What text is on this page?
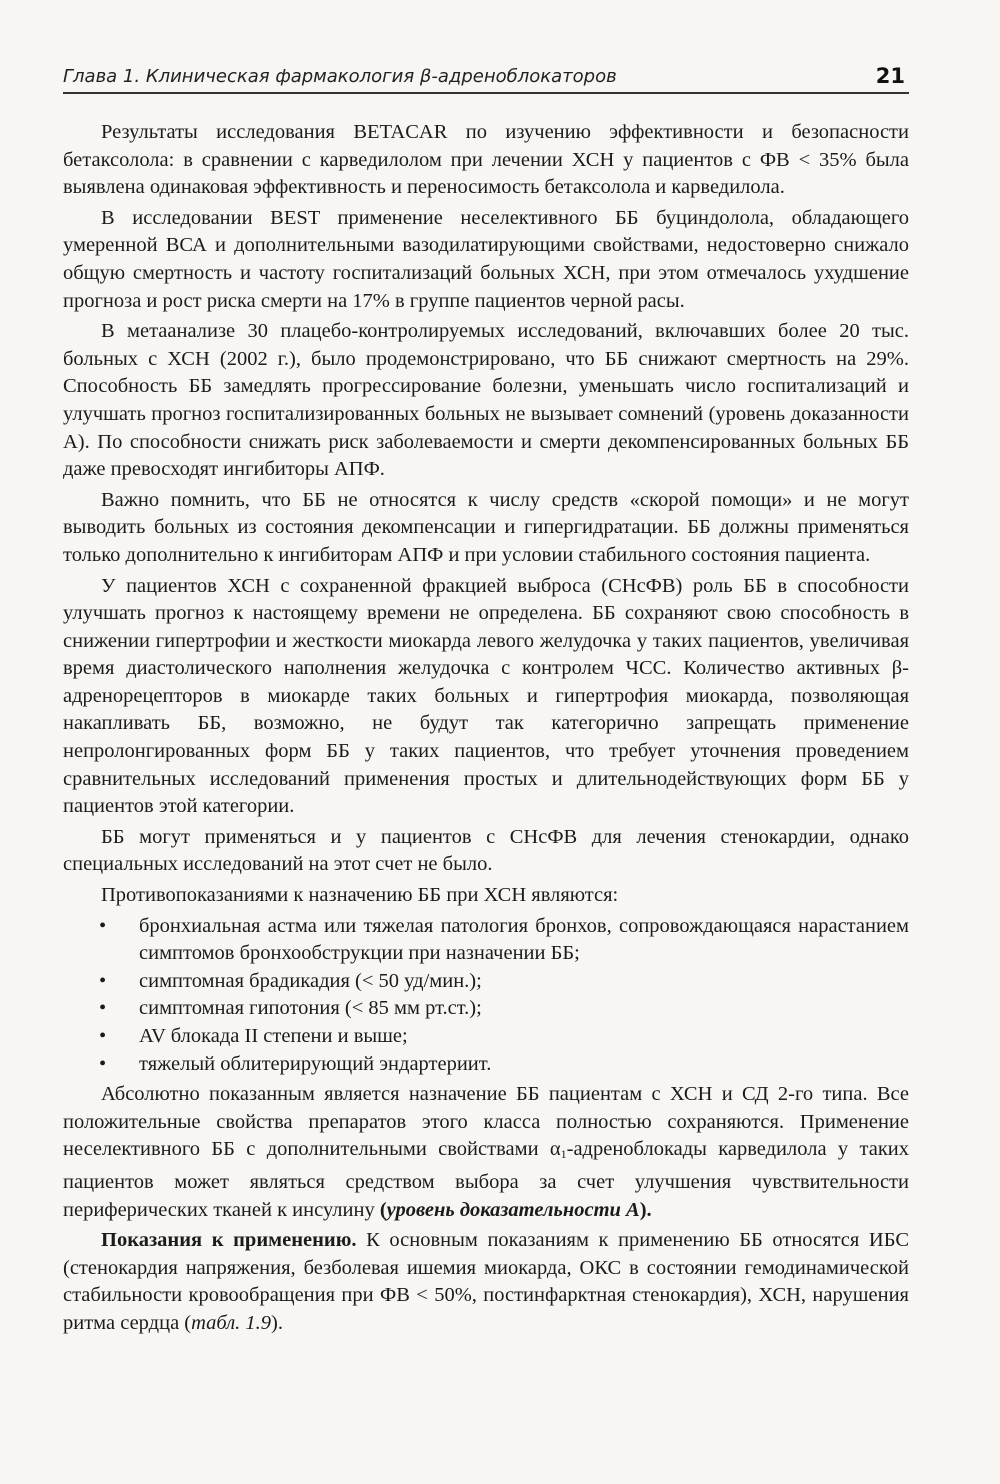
Глава 1. Клиническая фармакология β-адреноблокаторов	21

Результаты исследования BETACAR по изучению эффективности и безопасности бетаксолола: в сравнении с карведилолом при лечении ХСН у пациентов с ФВ < 35% была выявлена одинаковая эффективность и переносимость бетаксолола и карведилола.

В исследовании BEST применение неселективного ББ буциндолола, обладающего умеренной ВСА и дополнительными вазодилатирующими свойствами, недостоверно снижало общую смертность и частоту госпитализаций больных ХСН, при этом отмечалось ухудшение прогноза и рост риска смерти на 17% в группе пациентов черной расы.

В метаанализе 30 плацебо-контролируемых исследований, включавших более 20 тыс. больных с ХСН (2002 г.), было продемонстрировано, что ББ снижают смертность на 29%. Способность ББ замедлять прогрессирование болезни, уменьшать число госпитализаций и улучшать прогноз госпитализированных больных не вызывает сомнений (уровень доказанности А). По способности снижать риск заболеваемости и смерти декомпенсированных больных ББ даже превосходят ингибиторы АПФ.

Важно помнить, что ББ не относятся к числу средств «скорой помощи» и не могут выводить больных из состояния декомпенсации и гипергидратации. ББ должны применяться только дополнительно к ингибиторам АПФ и при условии стабильного состояния пациента.

У пациентов ХСН с сохраненной фракцией выброса (СНсФВ) роль ББ в способности улучшать прогноз к настоящему времени не определена. ББ сохраняют свою способность в снижении гипертрофии и жесткости миокарда левого желудочка у таких пациентов, увеличивая время диастолического наполнения желудочка с контролем ЧСС. Количество активных β-адренорецепторов в миокарде таких больных и гипертрофия миокарда, позволяющая накапливать ББ, возможно, не будут так категорично запрещать применение непролонгированных форм ББ у таких пациентов, что требует уточнения проведением сравнительных исследований применения простых и длительнодействующих форм ББ у пациентов этой категории.

ББ могут применяться и у пациентов с СНсФВ для лечения стенокардии, однако специальных исследований на этот счет не было.

Противопоказаниями к назначению ББ при ХСН являются:

• бронхиальная астма или тяжелая патология бронхов, сопровождающаяся нарастанием симптомов бронхообструкции при назначении ББ;
• симптомная брадикадия (< 50 уд/мин.);
• симптомная гипотония (< 85 мм рт.ст.);
• AV блокада II степени и выше;
• тяжелый облитерирующий эндартериит.

Абсолютно показанным является назначение ББ пациентам с ХСН и СД 2-го типа. Все положительные свойства препаратов этого класса полностью сохраняются. Применение неселективного ББ с дополнительными свойствами $\alpha_1$-адреноблокады карведилола у таких пациентов может являться средством выбора за счет улучшения чувствительности периферических тканей к инсулину (уровень доказательности А).

Показания к применению. К основным показаниям к применению ББ относятся ИБС (стенокардия напряжения, безболевая ишемия миокарда, ОКС в состоянии гемодинамической стабильности кровообращения при ФВ < 50%, постинфарктная стенокардия), ХСН, нарушения ритма сердца (табл. 1.9).
